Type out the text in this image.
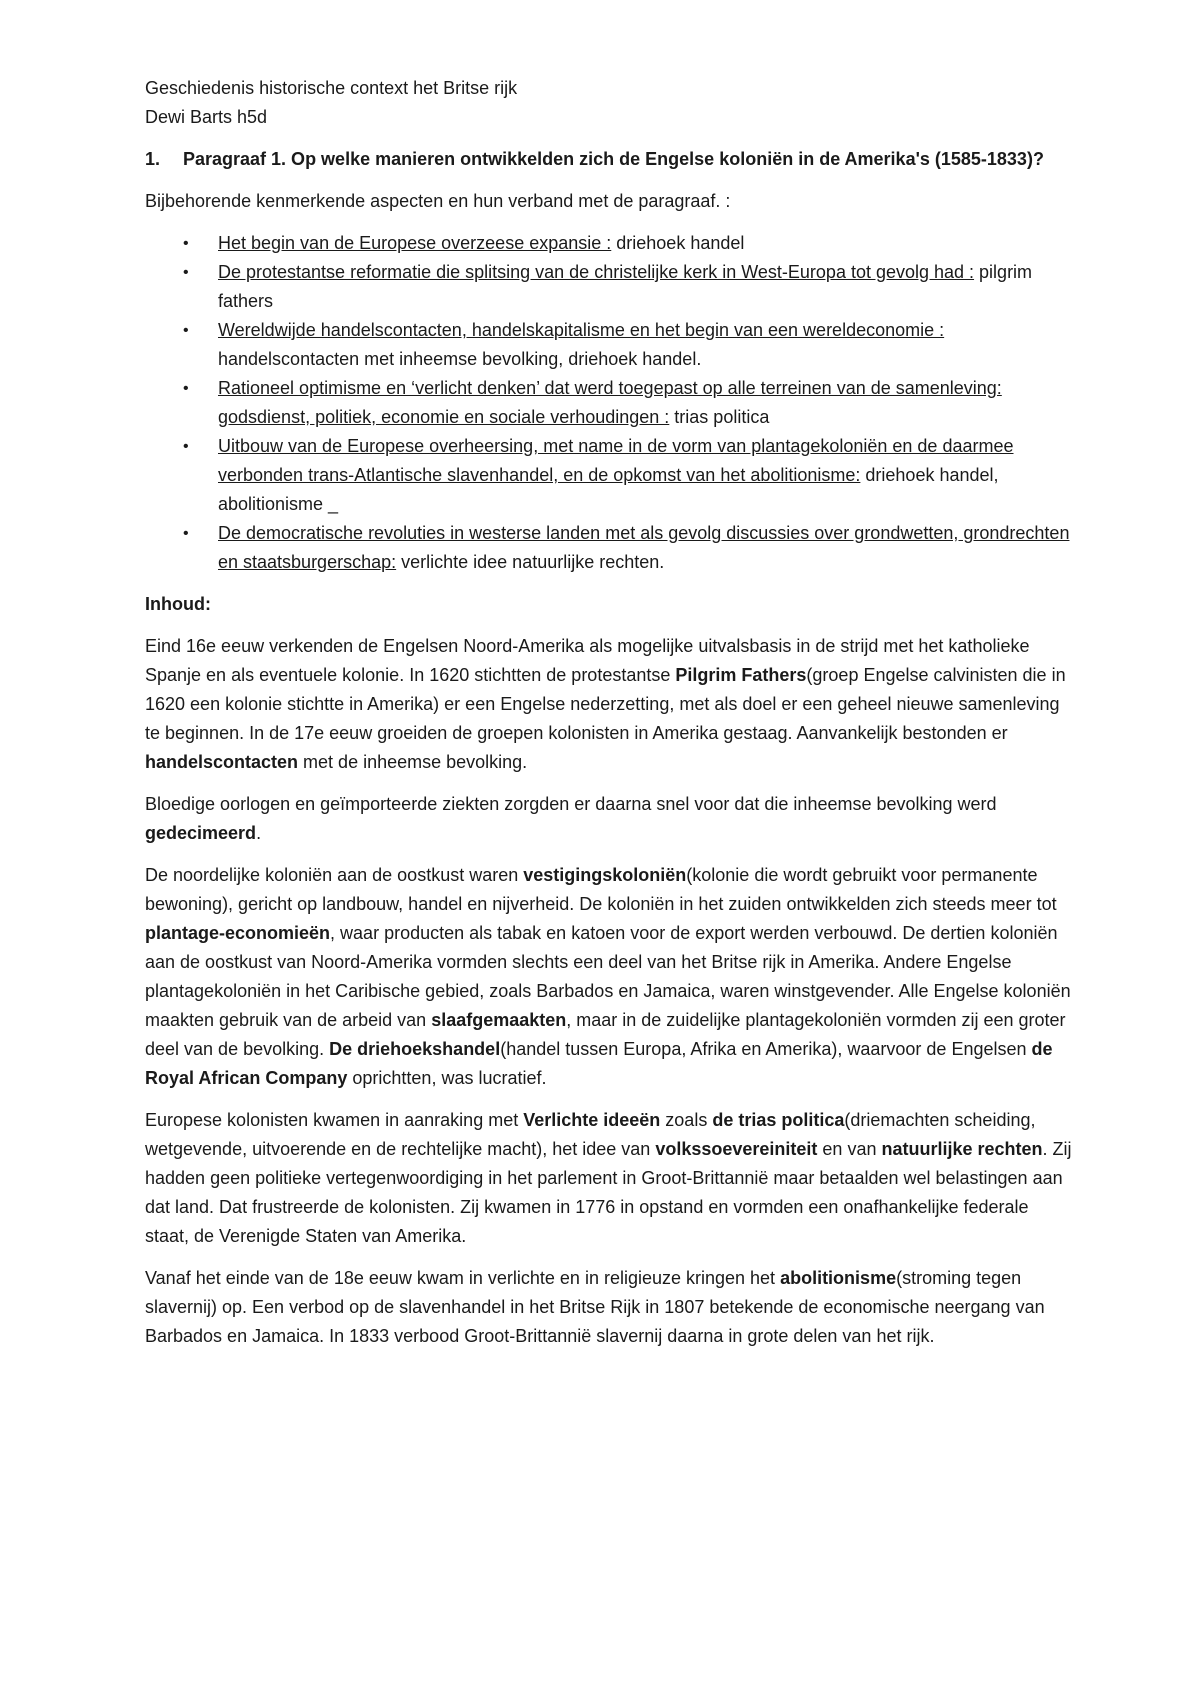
Geschiedenis historische context het Britse rijk

Dewi Barts h5d

1.	Paragraaf 1. Op welke manieren ontwikkelden zich de Engelse koloniën in de Amerika's (1585-1833)?

Bijbehorende kenmerkende aspecten en hun verband met de paragraaf. :

• Het begin van de Europese overzeese expansie : driehoek handel
• De protestantse reformatie die splitsing van de christelijke kerk in West-Europa tot gevolg had : pilgrim fathers
• Wereldwijde handelscontacten, handelskapitalisme en het begin van een wereldeconomie : handelscontacten met inheemse bevolking, driehoek handel.
• Rationeel optimisme en ‘verlicht denken’ dat werd toegepast op alle terreinen van de samenleving: godsdienst, politiek, economie en sociale verhoudingen : trias politica
• Uitbouw van de Europese overheersing, met name in de vorm van plantagekoloniën en de daarmee verbonden trans-Atlantische slavenhandel, en de opkomst van het abolitionisme: driehoek handel, abolitionisme _
• De democratische revoluties in westerse landen met als gevolg discussies over grondwetten, grondrechten en staatsburgerschap: verlichte idee natuurlijke rechten.

Inhoud:

Eind 16e eeuw verkenden de Engelsen Noord-Amerika als mogelijke uitvalsbasis in de strijd met het katholieke Spanje en als eventuele kolonie. In 1620 stichtten de protestantse Pilgrim Fathers(groep Engelse calvinisten die in 1620 een kolonie stichtte in Amerika) er een Engelse nederzetting, met als doel er een geheel nieuwe samenleving te beginnen. In de 17e eeuw groeiden de groepen kolonisten in Amerika gestaag. Aanvankelijk bestonden er handelscontacten met de inheemse bevolking.

Bloedige oorlogen en geïmporteerde ziekten zorgden er daarna snel voor dat die inheemse bevolking werd gedecimeerd.

De noordelijke koloniën aan de oostkust waren vestigingskoloniën(kolonie die wordt gebruikt voor permanente bewoning), gericht op landbouw, handel en nijverheid. De koloniën in het zuiden ontwikkelden zich steeds meer tot plantage-economieën, waar producten als tabak en katoen voor de export werden verbouwd. De dertien koloniën aan de oostkust van Noord-Amerika vormden slechts een deel van het Britse rijk in Amerika. Andere Engelse plantagekoloniën in het Caribische gebied, zoals Barbados en Jamaica, waren winstgevender. Alle Engelse koloniën maakten gebruik van de arbeid van slaafgemaakten, maar in de zuidelijke plantagekoloniën vormden zij een groter deel van de bevolking. De driehoekshandel(handel tussen Europa, Afrika en Amerika), waarvoor de Engelsen de Royal African Company oprichtten, was lucratief.

Europese kolonisten kwamen in aanraking met Verlichte ideeën zoals de trias politica(driemachten scheiding, wetgevende, uitvoerende en de rechtelijke macht), het idee van volkssoevereiniteit en van natuurlijke rechten. Zij hadden geen politieke vertegenwoordiging in het parlement in Groot-Brittannië maar betaalden wel belastingen aan dat land. Dat frustreerde de kolonisten. Zij kwamen in 1776 in opstand en vormden een onafhankelijke federale staat, de Verenigde Staten van Amerika.

Vanaf het einde van de 18e eeuw kwam in verlichte en in religieuze kringen het abolitionisme(stroming tegen slavernij) op. Een verbod op de slavenhandel in het Britse Rijk in 1807 betekende de economische neergang van Barbados en Jamaica. In 1833 verbood Groot-Brittannië slavernij daarna in grote delen van het rijk.
